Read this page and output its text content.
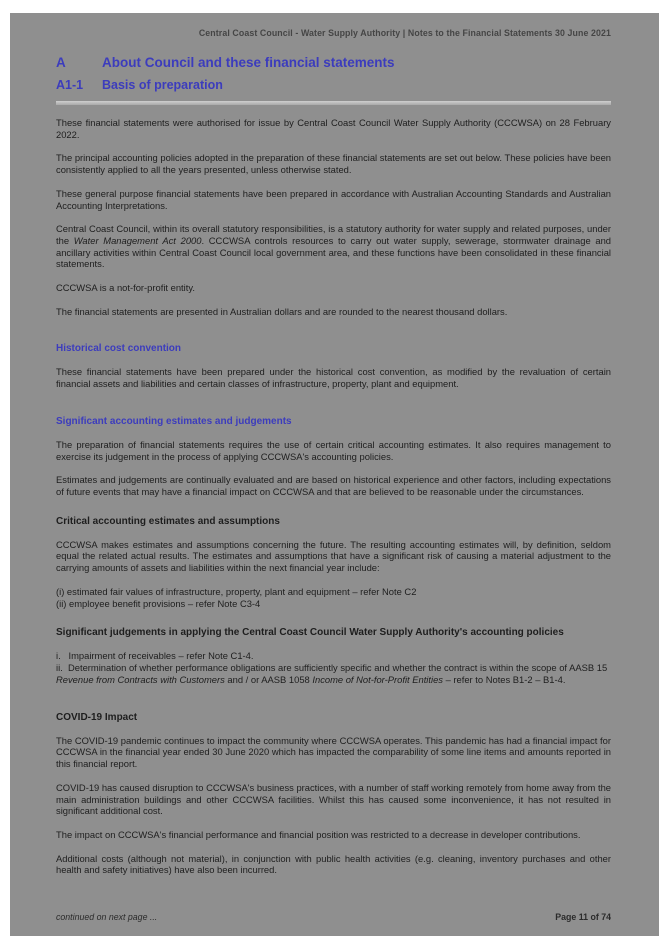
Central Coast Council - Water Supply Authority | Notes to the Financial Statements 30 June 2021
A	About Council and these financial statements
A1-1 Basis of preparation
These financial statements were authorised for issue by Central Coast Council Water Supply Authority (CCCWSA) on 28 February 2022.
The principal accounting policies adopted in the preparation of these financial statements are set out below. These policies have been consistently applied to all the years presented, unless otherwise stated.
These general purpose financial statements have been prepared in accordance with Australian Accounting Standards and Australian Accounting Interpretations.
Central Coast Council, within its overall statutory responsibilities, is a statutory authority for water supply and related purposes, under the Water Management Act 2000. CCCWSA controls resources to carry out water supply, sewerage, stormwater drainage and ancillary activities within Central Coast Council local government area, and these functions have been consolidated in these financial statements.
CCCWSA is a not-for-profit entity.
The financial statements are presented in Australian dollars and are rounded to the nearest thousand dollars.
Historical cost convention
These financial statements have been prepared under the historical cost convention, as modified by the revaluation of certain financial assets and liabilities and certain classes of infrastructure, property, plant and equipment.
Significant accounting estimates and judgements
The preparation of financial statements requires the use of certain critical accounting estimates. It also requires management to exercise its judgement in the process of applying CCCWSA's accounting policies.
Estimates and judgements are continually evaluated and are based on historical experience and other factors, including expectations of future events that may have a financial impact on CCCWSA and that are believed to be reasonable under the circumstances.
Critical accounting estimates and assumptions
CCCWSA makes estimates and assumptions concerning the future. The resulting accounting estimates will, by definition, seldom equal the related actual results. The estimates and assumptions that have a significant risk of causing a material adjustment to the carrying amounts of assets and liabilities within the next financial year include:
(i) estimated fair values of infrastructure, property, plant and equipment – refer Note C2
(ii) employee benefit provisions – refer Note C3-4
Significant judgements in applying the Central Coast Council Water Supply Authority's accounting policies
i.   Impairment of receivables – refer Note C1-4.
ii.  Determination of whether performance obligations are sufficiently specific and whether the contract is within the scope of AASB 15 Revenue from Contracts with Customers and / or AASB 1058 Income of Not-for-Profit Entities – refer to Notes B1-2 – B1-4.
COVID-19 Impact
The COVID-19 pandemic continues to impact the community where CCCWSA operates. This pandemic has had a financial impact for CCCWSA in the financial year ended 30 June 2020 which has impacted the comparability of some line items and amounts reported in this financial report.
COVID-19 has caused disruption to CCCWSA's business practices, with a number of staff working remotely from home away from the main administration buildings and other CCCWSA facilities. Whilst this has caused some inconvenience, it has not resulted in significant additional cost.
The impact on CCCWSA's financial performance and financial position was restricted to a decrease in developer contributions.
Additional costs (although not material), in conjunction with public health activities (e.g. cleaning, inventory purchases and other health and safety initiatives) have also been incurred.
continued on next page ...	Page 11 of 74
